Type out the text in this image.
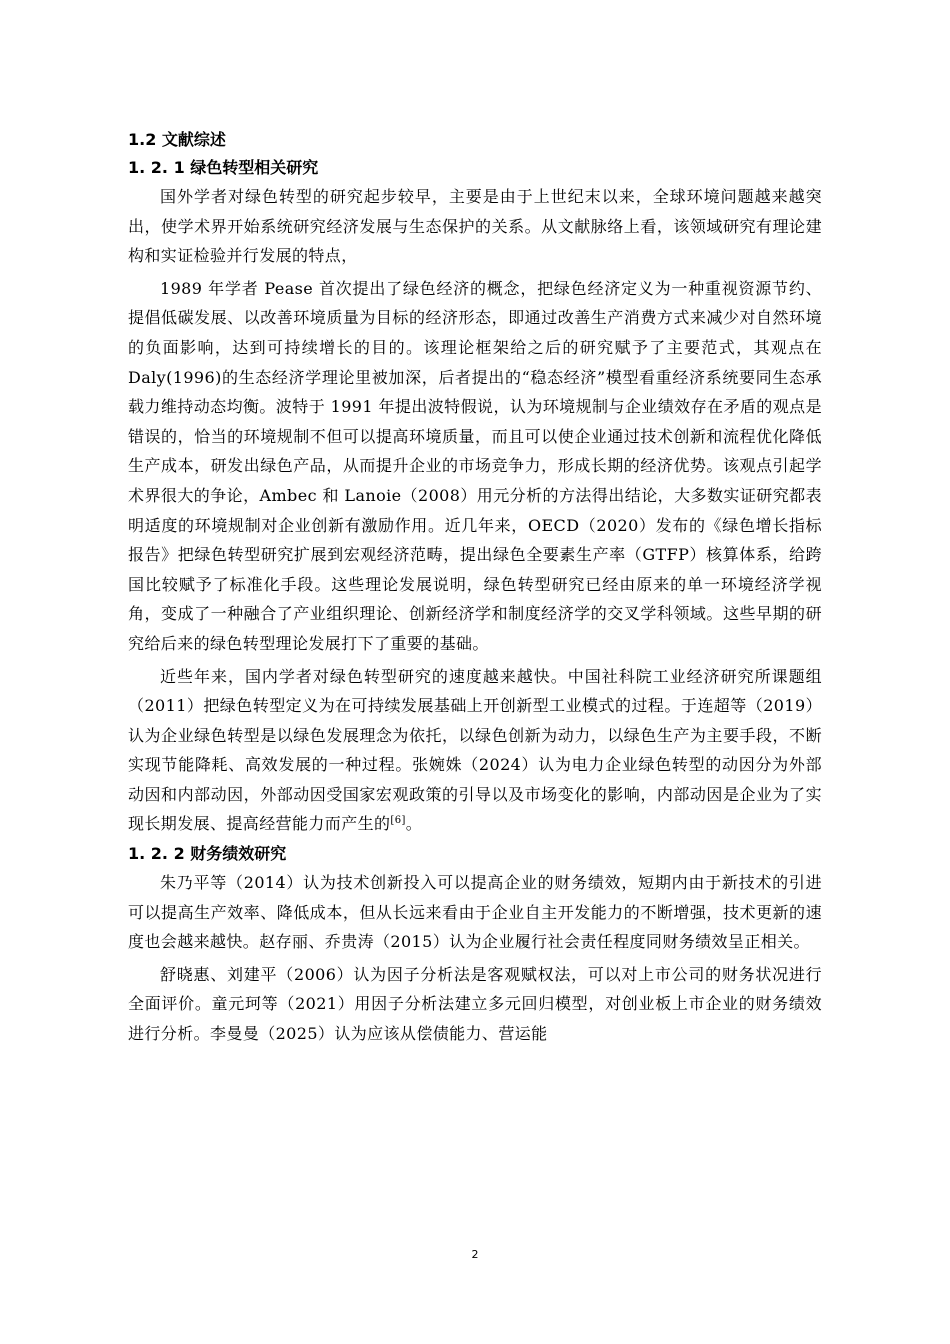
1.2 文献综述
1. 2. 1 绿色转型相关研究

国外学者对绿色转型的研究起步较早，主要是由于上世纪末以来，全球环境问题越来越突出，使学术界开始系统研究经济发展与生态保护的关系。从文献脉络上看，该领域研究有理论建构和实证检验并行发展的特点，

1989 年学者 Pease 首次提出了绿色经济的概念，把绿色经济定义为一种重视资源节约、提倡低碳发展、以改善环境质量为目标的经济形态，即通过改善生产消费方式来减少对自然环境的负面影响，达到可持续增长的目的。该理论框架给之后的研究赋予了主要范式，其观点在 Daly(1996)的生态经济学理论里被加深，后者提出的“稳态经济”模型看重经济系统要同生态承载力维持动态均衡。波特于 1991 年提出波特假说，认为环境规制与企业绩效存在矛盾的观点是错误的，恰当的环境规制不但可以提高环境质量，而且可以使企业通过技术创新和流程优化降低生产成本，研发出绿色产品，从而提升企业的市场竞争力，形成长期的经济优势。该观点引起学术界很大的争论，Ambec 和 Lanoie（2008）用元分析的方法得出结论，大多数实证研究都表明适度的环境规制对企业创新有激励作用。近几年来，OECD（2020）发布的《绿色增长指标报告》把绿色转型研究扩展到宏观经济范畴，提出绿色全要素生产率（GTFP）核算体系，给跨国比较赋予了标准化手段。这些理论发展说明，绿色转型研究已经由原来的单一环境经济学视角，变成了一种融合了产业组织理论、创新经济学和制度经济学的交叉学科领域。这些早期的研究给后来的绿色转型理论发展打下了重要的基础。

近些年来，国内学者对绿色转型研究的速度越来越快。中国社科院工业经济研究所课题组（2011）把绿色转型定义为在可持续发展基础上开创新型工业模式的过程。于连超等（2019）认为企业绿色转型是以绿色发展理念为依托，以绿色创新为动力，以绿色生产为主要手段，不断实现节能降耗、高效发展的一种过程。张婉姝（2024）认为电力企业绿色转型的动因分为外部动因和内部动因，外部动因受国家宏观政策的引导以及市场变化的影响，内部动因是企业为了实现长期发展、提高经营能力而产生的[6]。

1. 2. 2 财务绩效研究

朱乃平等（2014）认为技术创新投入可以提高企业的财务绩效，短期内由于新技术的引进可以提高生产效率、降低成本，但从长远来看由于企业自主开发能力的不断增强，技术更新的速度也会越来越快。赵存丽、乔贵涛（2015）认为企业履行社会责任程度同财务绩效呈正相关。

舒晓惠、刘建平（2006）认为因子分析法是客观赋权法，可以对上市公司的财务状况进行全面评价。童元珂等（2021）用因子分析法建立多元回归模型，对创业板上市企业的财务绩效进行分析。李曼曼（2025）认为应该从偿债能力、营运能

2
